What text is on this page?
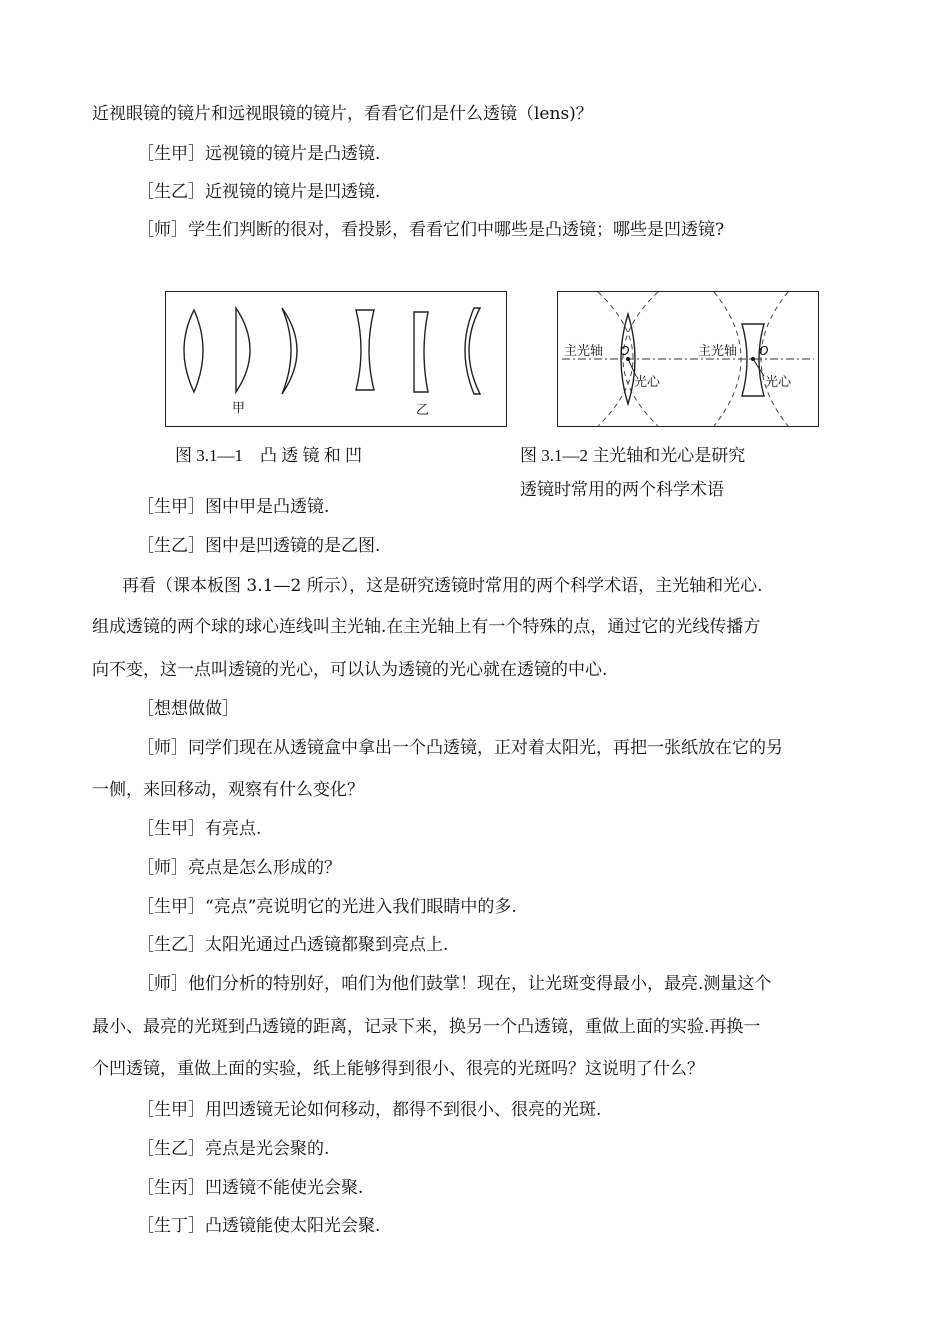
近视眼镜的镜片和远视眼镜的镜片，看看它们是什么透镜（lens)？
［生甲］远视镜的镜片是凸透镜.
［生乙］近视镜的镜片是凹透镜.
［师］学生们判断的很对，看投影，看看它们中哪些是凸透镜；哪些是凹透镜?
甲	乙
主光轴	主光轴
O	O
光心	光心
图 3.1—1　凸 透 镜 和 凹	图 3.1—2 主光轴和光心是研究
透镜时常用的两个科学术语
［生甲］图中甲是凸透镜.
［生乙］图中是凹透镜的是乙图.
再看（课本板图 3.1—2 所示），这是研究透镜时常用的两个科学术语，主光轴和光心.
组成透镜的两个球的球心连线叫主光轴.在主光轴上有一个特殊的点，通过它的光线传播方
向不变，这一点叫透镜的光心，可以认为透镜的光心就在透镜的中心.
［想想做做］
［师］同学们现在从透镜盒中拿出一个凸透镜，正对着太阳光，再把一张纸放在它的另
一侧，来回移动，观察有什么变化？
［生甲］有亮点.
［师］亮点是怎么形成的？
［生甲］“亮点”亮说明它的光进入我们眼睛中的多.
［生乙］太阳光通过凸透镜都聚到亮点上.
［师］他们分析的特别好，咱们为他们鼓掌！现在，让光斑变得最小，最亮.测量这个
最小、最亮的光斑到凸透镜的距离，记录下来，换另一个凸透镜，重做上面的实验.再换一
个凹透镜，重做上面的实验，纸上能够得到很小、很亮的光斑吗？这说明了什么？
［生甲］用凹透镜无论如何移动，都得不到很小、很亮的光斑.
［生乙］亮点是光会聚的.
［生丙］凹透镜不能使光会聚.
［生丁］凸透镜能使太阳光会聚.
